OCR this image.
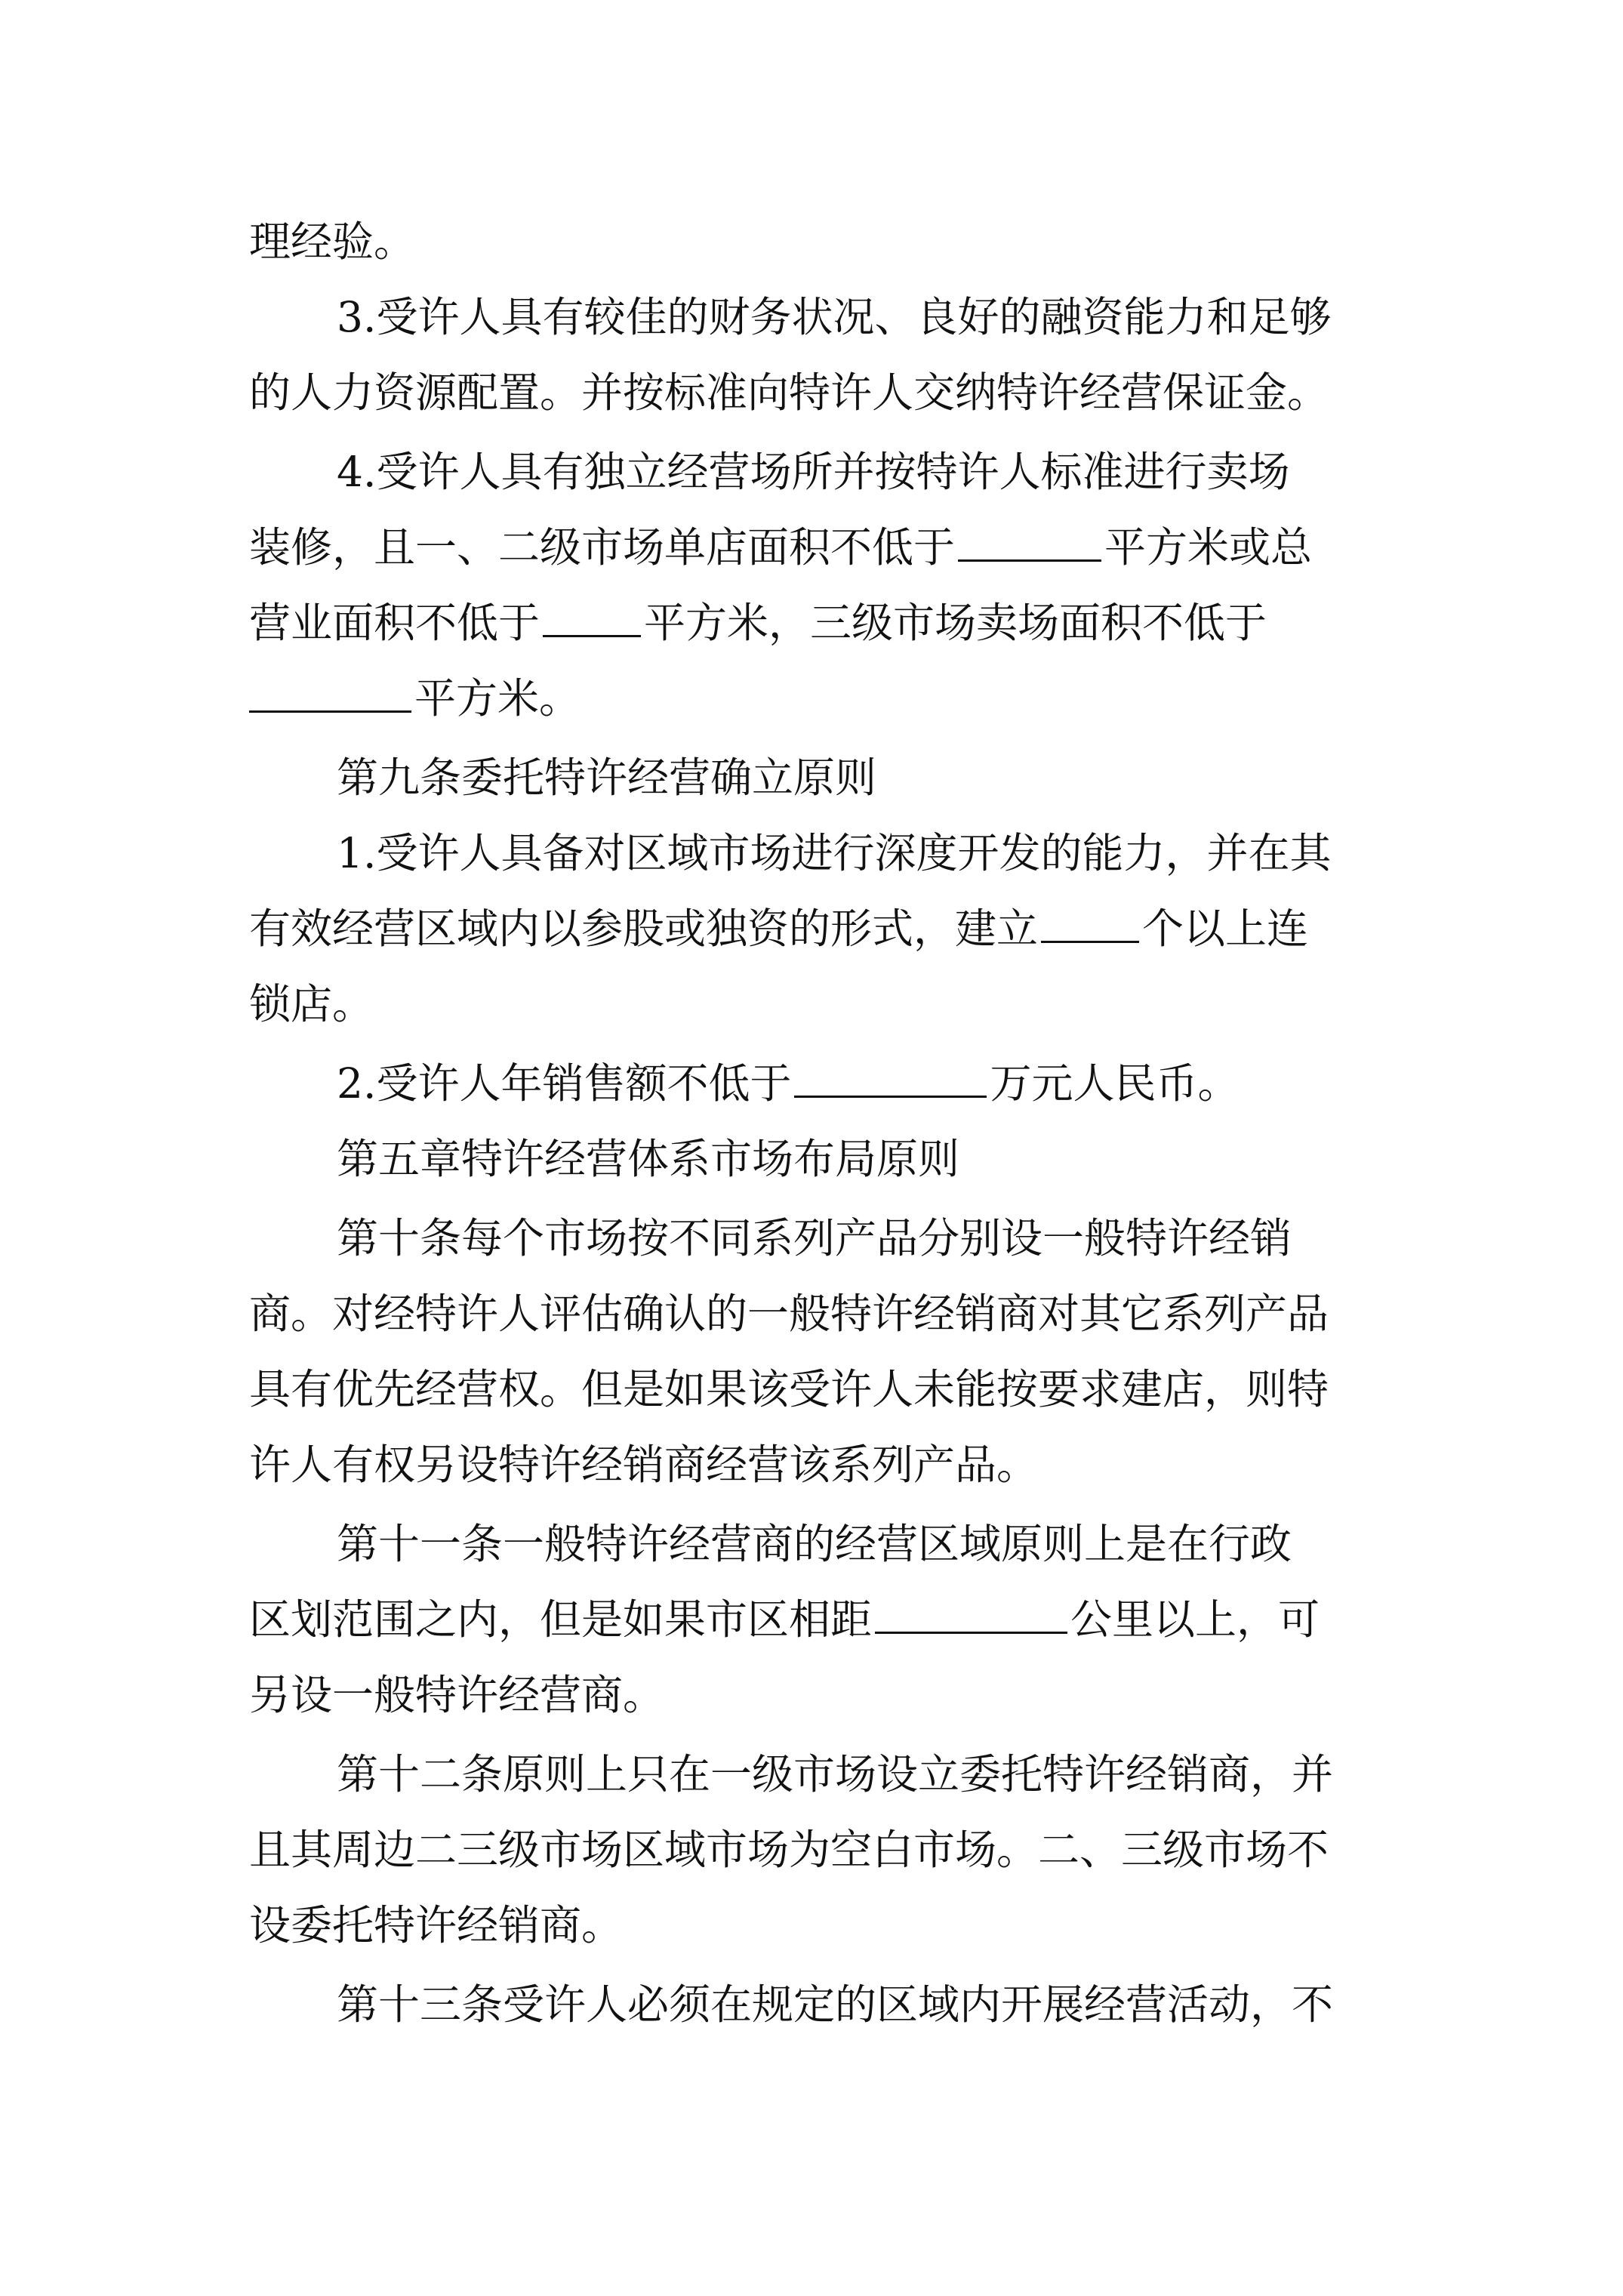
理经验。
3.受许人具有较佳的财务状况、良好的融资能力和足够
的人力资源配置。并按标准向特许人交纳特许经营保证金。
4.受许人具有独立经营场所并按特许人标准进行卖场
装修，且一、二级市场单店面积不低于	平方米或总
营业面积不低于	平方米，三级市场卖场面积不低于
平方米。
第九条委托特许经营确立原则
1.受许人具备对区域市场进行深度开发的能力，并在其
有效经营区域内以参股或独资的形式，建立	个以上连
锁店。
2.受许人年销售额不低于	万元人民币。
第五章特许经营体系市场布局原则
第十条每个市场按不同系列产品分别设一般特许经销
商。对经特许人评估确认的一般特许经销商对其它系列产品
具有优先经营权。但是如果该受许人未能按要求建店，则特
许人有权另设特许经销商经营该系列产品。
第十一条一般特许经营商的经营区域原则上是在行政
区划范围之内，但是如果市区相距	公里以上，可
另设一般特许经营商。
第十二条原则上只在一级市场设立委托特许经销商，并
且其周边二三级市场区域市场为空白市场。二、三级市场不
设委托特许经销商。
第十三条受许人必须在规定的区域内开展经营活动，不
